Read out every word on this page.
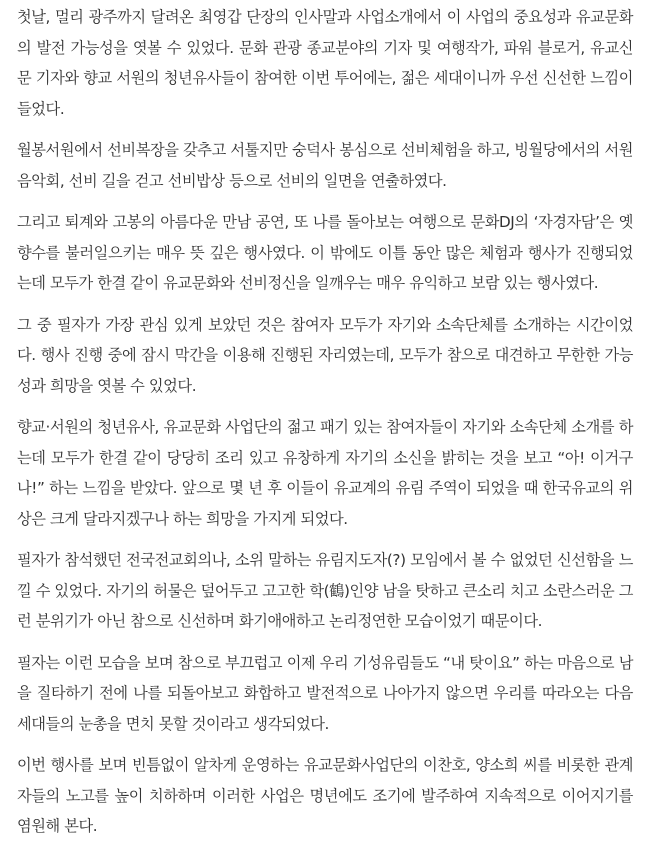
첫날, 멀리 광주까지 달려온 최영갑 단장의 인사말과 사업소개에서 이 사업의 중요성과 유교문화의 발전 가능성을 엿볼 수 있었다. 문화 관광 종교분야의 기자 및 여행작가, 파워 블로거, 유교신문 기자와 향교 서원의 청년유사들이 참여한 이번 투어에는, 젊은 세대이니까 우선 신선한 느낌이 들었다.

월봉서원에서 선비복장을 갖추고 서툴지만 숭덕사 봉심으로 선비체험을 하고, 빙월당에서의 서원음악회, 선비 길을 걷고 선비밥상 등으로 선비의 일면을 연출하였다.

그리고 퇴계와 고봉의 아름다운 만남 공연, 또 나를 돌아보는 여행으로 문화DJ의 ‘자경자담’은 옛 향수를 불러일으키는 매우 뜻 깊은 행사였다. 이 밖에도 이틀 동안 많은 체험과 행사가 진행되었는데 모두가 한결 같이 유교문화와 선비정신을 일깨우는 매우 유익하고 보람 있는 행사였다.

그 중 필자가 가장 관심 있게 보았던 것은 참여자 모두가 자기와 소속단체를 소개하는 시간이었다. 행사 진행 중에 잠시 막간을 이용해 진행된 자리였는데, 모두가 참으로 대견하고 무한한 가능성과 희망을 엿볼 수 있었다.

향교·서원의 청년유사, 유교문화 사업단의 젊고 패기 있는 참여자들이 자기와 소속단체 소개를 하는데 모두가 한결 같이 당당히 조리 있고 유창하게 자기의 소신을 밝히는 것을 보고 “아! 이거구나!” 하는 느낌을 받았다. 앞으로 몇 년 후 이들이 유교계의 유림 주역이 되었을 때 한국유교의 위상은 크게 달라지겠구나 하는 희망을 가지게 되었다.

필자가 참석했던 전국전교회의나, 소위 말하는 유림지도자(?) 모임에서 볼 수 없었던 신선함을 느낄 수 있었다. 자기의 허물은 덮어두고 고고한 학(鶴)인양 남을 탓하고 큰소리 치고 소란스러운 그런 분위기가 아닌 참으로 신선하며 화기애애하고 논리정연한 모습이었기 때문이다.

필자는 이런 모습을 보며 참으로 부끄럽고 이제 우리 기성유림들도 “내 탓이요” 하는 마음으로 남을 질타하기 전에 나를 되돌아보고 화합하고 발전적으로 나아가지 않으면 우리를 따라오는 다음 세대들의 눈총을 면치 못할 것이라고 생각되었다.

이번 행사를 보며 빈틈없이 알차게 운영하는 유교문화사업단의 이찬호, 양소희 씨를 비롯한 관계자들의 노고를 높이 치하하며 이러한 사업은 명년에도 조기에 발주하여 지속적으로 이어지기를 염원해 본다.
